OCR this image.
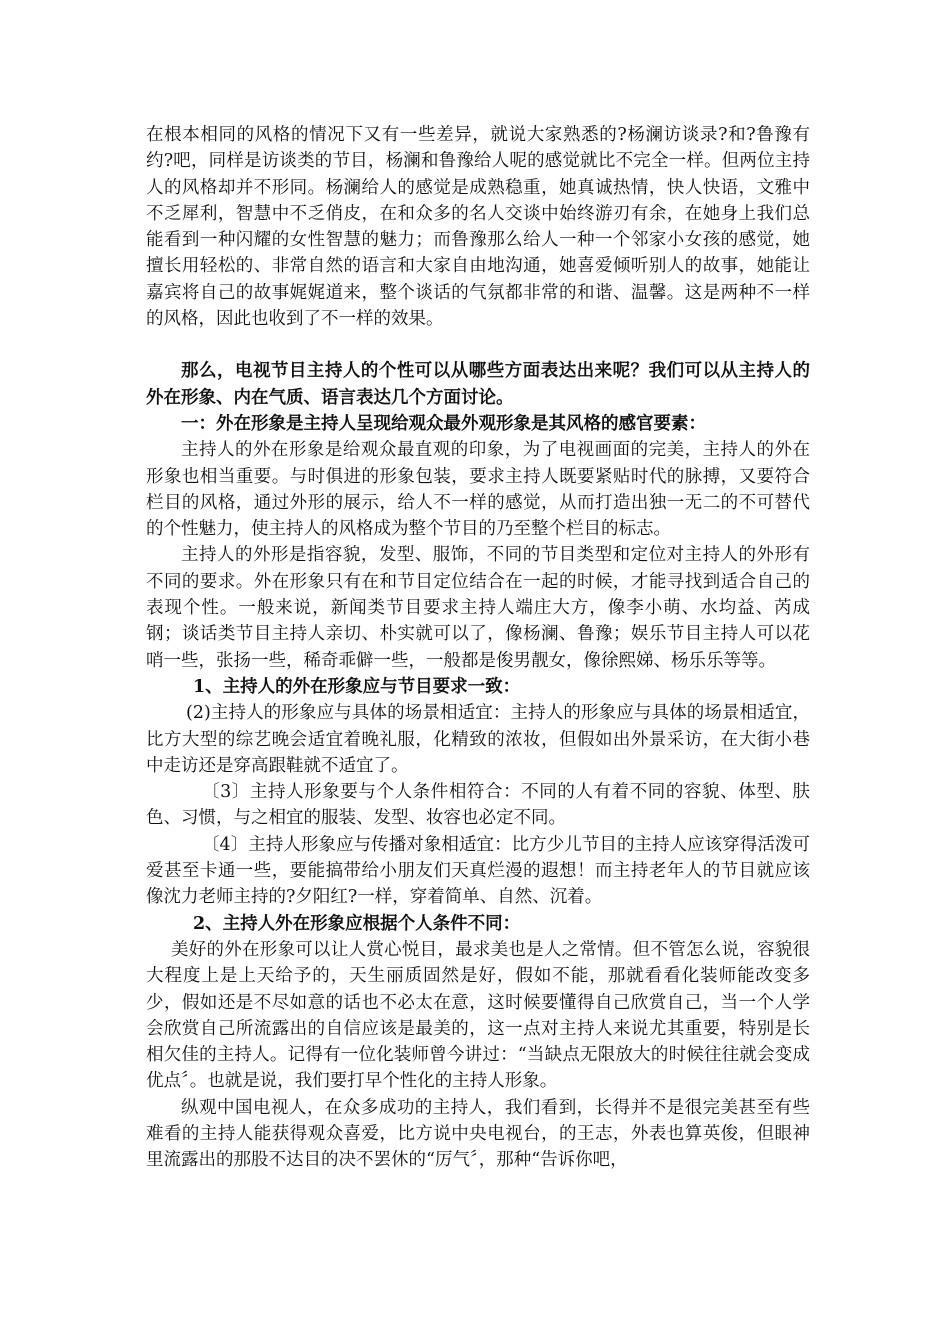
在根本相同的风格的情况下又有一些差异，就说大家熟悉的?杨澜访谈录?和?鲁豫有约?吧，同样是访谈类的节目，杨澜和鲁豫给人呢的感觉就比不完全一样。但两位主持人的风格却并不形同。杨澜给人的感觉是成熟稳重，她真诚热情，快人快语，文雅中不乏犀利，智慧中不乏俏皮，在和众多的名人交谈中始终游刃有余，在她身上我们总能看到一种闪耀的女性智慧的魅力；而鲁豫那么给人一种一个邻家小女孩的感觉，她擅长用轻松的、非常自然的语言和大家自由地沟通，她喜爱倾听别人的故事，她能让嘉宾将自己的故事娓娓道来，整个谈话的气氛都非常的和谐、温馨。这是两种不一样的风格，因此也收到了不一样的效果。

那么，电视节目主持人的个性可以从哪些方面表达出来呢？我们可以从主持人的外在形象、内在气质、语言表达几个方面讨论。

一：外在形象是主持人呈现给观众最外观形象是其风格的感官要素：

主持人的外在形象是给观众最直观的印象，为了电视画面的完美，主持人的外在形象也相当重要。与时俱进的形象包装，要求主持人既要紧贴时代的脉搏，又要符合栏目的风格，通过外形的展示，给人不一样的感觉，从而打造出独一无二的不可替代的个性魅力，使主持人的风格成为整个节目的乃至整个栏目的标志。

主持人的外形是指容貌，发型、服饰，不同的节目类型和定位对主持人的外形有不同的要求。外在形象只有在和节目定位结合在一起的时候，才能寻找到适合自己的表现个性。一般来说，新闻类节目要求主持人端庄大方，像李小萌、水均益、芮成钢；谈话类节目主持人亲切、朴实就可以了，像杨澜、鲁豫；娱乐节目主持人可以花哨一些，张扬一些，稀奇乖僻一些，一般都是俊男靓女，像徐熙娣、杨乐乐等等。

1、主持人的外在形象应与节目要求一致：

(2)主持人的形象应与具体的场景相适宜：主持人的形象应与具体的场景相适宜，比方大型的综艺晚会适宜着晚礼服，化精致的浓妆，但假如出外景采访，在大街小巷中走访还是穿高跟鞋就不适宜了。

〔3〕主持人形象要与个人条件相符合：不同的人有着不同的容貌、体型、肤色、习惯，与之相宜的服装、发型、妆容也必定不同。

〔4〕主持人形象应与传播对象相适宜：比方少儿节目的主持人应该穿得活泼可爱甚至卡通一些，要能搞带给小朋友们天真烂漫的遐想！而主持老年人的节目就应该像沈力老师主持的?夕阳红?一样，穿着简单、自然、沉着。

2、主持人外在形象应根据个人条件不同：

美好的外在形象可以让人赏心悦目，最求美也是人之常情。但不管怎么说，容貌很大程度上是上天给予的，天生丽质固然是好，假如不能，那就看看化装师能改变多少，假如还是不尽如意的话也不必太在意，这时候要懂得自己欣赏自己，当一个人学会欣赏自己所流露出的自信应该是最美的，这一点对主持人来说尤其重要，特别是长相欠佳的主持人。记得有一位化装师曾今讲过：“当缺点无限放大的时候往往就会变成优点〞。也就是说，我们要打早个性化的主持人形象。

纵观中国电视人，在众多成功的主持人，我们看到，长得并不是很完美甚至有些难看的主持人能获得观众喜爱，比方说中央电视台，的王志，外表也算英俊，但眼神里流露出的那股不达目的决不罢休的“厉气〞，那种“告诉你吧，
